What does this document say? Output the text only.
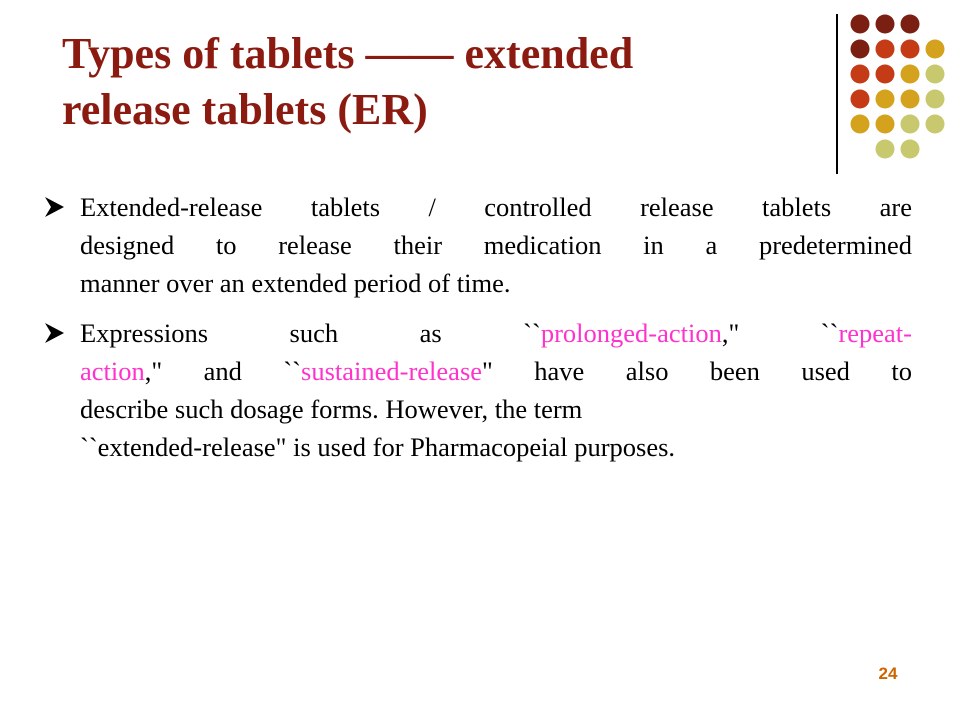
Types of tablets —— extended
release tablets (ER)
Extended-release tablets / controlled release tablets are
designed to release their medication in a predetermined
manner over an extended period of time.
Expressions such as ``prolonged-action," ``repeat-
action," and ``sustained-release" have also been used to
describe such dosage forms. However, the term
``extended-release" is used for Pharmacopeial purposes.
24
